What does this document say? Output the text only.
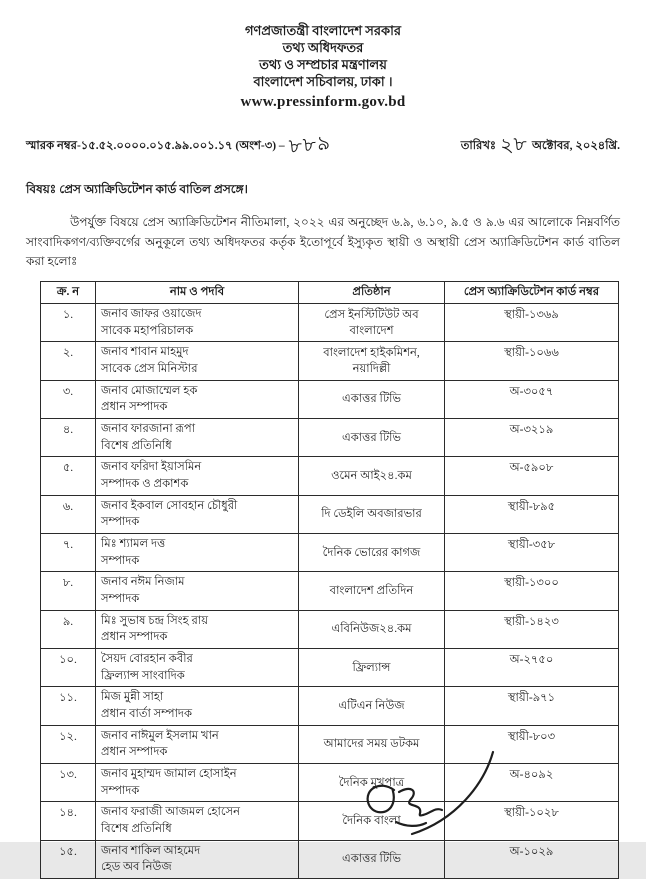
গণপ্রজাতন্ত্রী বাংলাদেশ সরকার
তথ্য অধিদফতর
তথ্য ও সম্প্রচার মন্ত্রণালয়
বাংলাদেশ সচিবালয়, ঢাকা ।
www.pressinform.gov.bd
স্মারক নম্বর-১৫.৫২.০০০০.০১৫.৯৯.০০১.১৭ (অংশ-৩) – ৮৮৯	তারিখঃ ২৮ অক্টোবর, ২০২৪খ্রি.
বিষয়ঃ প্রেস অ্যাক্রিডিটেশন কার্ড বাতিল প্রসঙ্গে।
উপর্যুক্ত বিষয়ে প্রেস অ্যাক্রিডিটেশন নীতিমালা, ২০২২ এর অনুচ্ছেদ ৬.৯, ৬.১০, ৯.৫ ও ৯.৬ এর আলোকে নিম্নবর্ণিত সাংবাদিকগণ/ব্যক্তিবর্গের অনুকূলে তথ্য অধিদফতর কর্তৃক ইতোপূর্বে ইস্যুকৃত স্থায়ী ও অস্থায়ী প্রেস অ্যাক্রিডিটেশন কার্ড বাতিল করা হলোঃ
ক্র. ন	নাম ও পদবি	প্রতিষ্ঠান	প্রেস অ্যাক্রিডিটেশন কার্ড নম্বর
১.	জনাব জাফর ওয়াজেদ
সাবেক মহাপরিচালক	প্রেস ইনস্টিটিউট অব বাংলাদেশ	স্থায়ী-১৩৬৯
২.	জনাব শাবান মাহমুদ
সাবেক প্রেস মিনিস্টার	বাংলাদেশ হাইকমিশন, নয়াদিল্লী	স্থায়ী-১০৬৬
৩.	জনাব মোজাম্মেল হক
প্রধান সম্পাদক	একাত্তর টিভি	অ-৩০৫৭
৪.	জনাব ফারজানা রূপা
বিশেষ প্রতিনিধি	একাত্তর টিভি	অ-৩২১৯
৫.	জনাব ফরিদা ইয়াসমিন
সম্পাদক ও প্রকাশক	ওমেন আই২৪.কম	অ-৫৯০৮
৬.	জনাব ইকবাল সোবহান চৌধুরী
সম্পাদক	দি ডেইলি অবজারভার	স্থায়ী-৮৯৫
৭.	মিঃ শ্যামল দত্ত
সম্পাদক	দৈনিক ভোরের কাগজ	স্থায়ী-৩৫৮
৮.	জনাব নঈম নিজাম
সম্পাদক	বাংলাদেশ প্রতিদিন	স্থায়ী-১৩০০
৯.	মিঃ সুভাষ চন্দ্র সিংহ রায়
প্রধান সম্পাদক	এবিনিউজ২৪.কম	স্থায়ী-১৪২৩
১০.	সৈয়দ বোরহান কবীর
ফ্রিল্যান্স সাংবাদিক	ফ্রিল্যান্স	অ-২৭৫০
১১.	মিজ মুন্নী সাহা
প্রধান বার্তা সম্পাদক	এটিএন নিউজ	স্থায়ী-৯৭১
১২.	জনাব নাঈমুল ইসলাম খান
প্রধান সম্পাদক	আমাদের সময় ডটকম	স্থায়ী-৮০৩
১৩.	জনাব মুহাম্মদ জামাল হোসাইন
সম্পাদক	দৈনিক মুখপাত্র	অ-৪০৯২
১৪.	জনাব ফরাজী আজমল হোসেন
বিশেষ প্রতিনিধি	দৈনিক বাংলা	স্থায়ী-১০২৮
১৫.	জনাব শাকিল আহমেদ
হেড অব নিউজ	একাত্তর টিভি	অ-১০২৯
